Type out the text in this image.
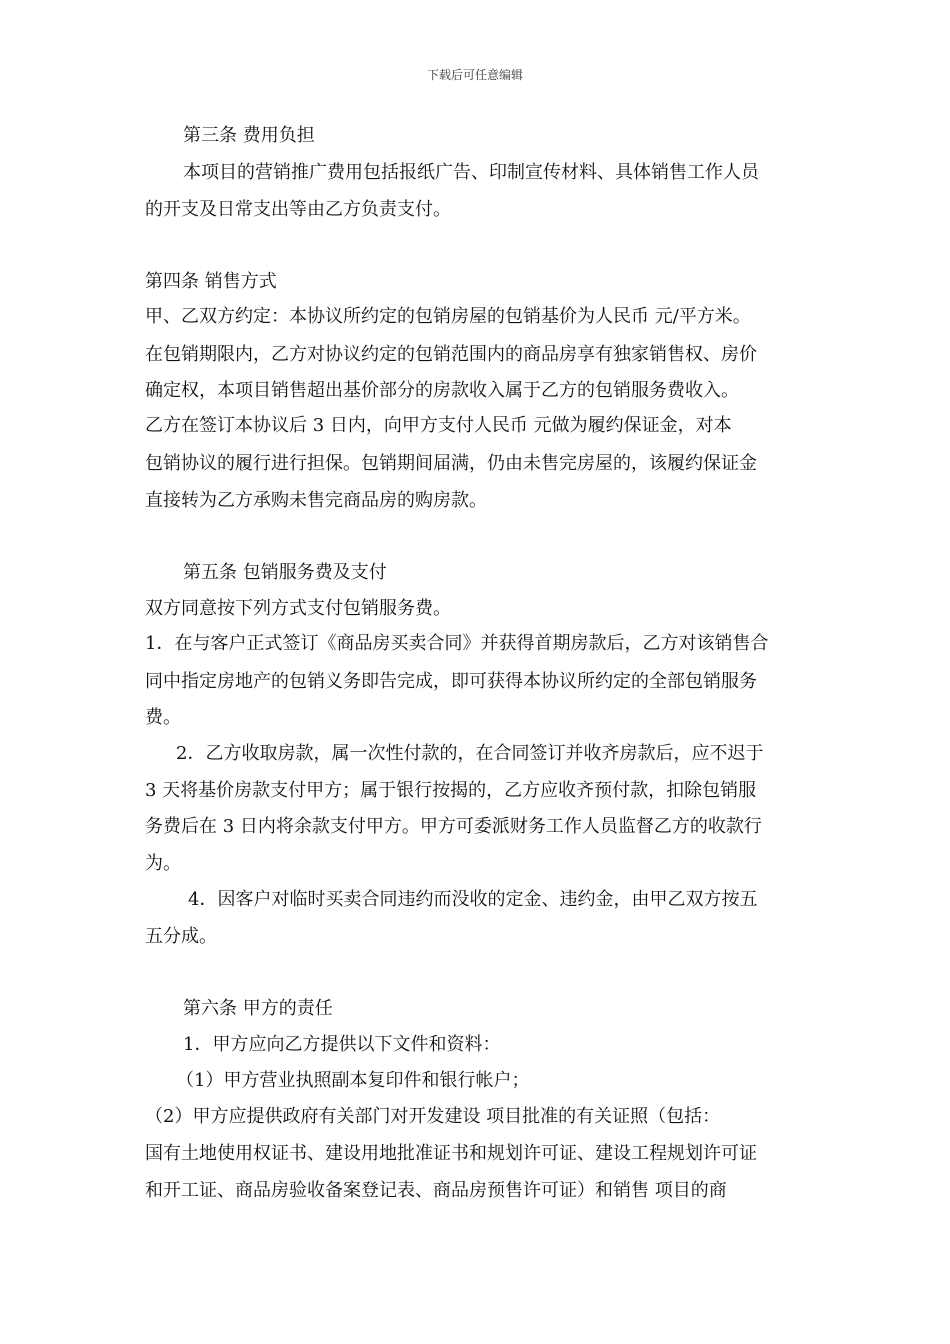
下载后可任意编辑
第三条 费用负担
本项目的营销推广费用包括报纸广告、印制宣传材料、具体销售工作人员
的开支及日常支出等由乙方负责支付。
第四条 销售方式
甲、乙双方约定：本协议所约定的包销房屋的包销基价为人民币 元/平方米。
在包销期限内，乙方对协议约定的包销范围内的商品房享有独家销售权、房价
确定权，本项目销售超出基价部分的房款收入属于乙方的包销服务费收入。
乙方在签订本协议后 3 日内，向甲方支付人民币 元做为履约保证金，对本
包销协议的履行进行担保。包销期间届满，仍由未售完房屋的，该履约保证金
直接转为乙方承购未售完商品房的购房款。
第五条 包销服务费及支付
双方同意按下列方式支付包销服务费。
1．在与客户正式签订《商品房买卖合同》并获得首期房款后，乙方对该销售合
同中指定房地产的包销义务即告完成，即可获得本协议所约定的全部包销服务
费。
2．乙方收取房款，属一次性付款的，在合同签订并收齐房款后，应不迟于
3 天将基价房款支付甲方；属于银行按揭的，乙方应收齐预付款，扣除包销服
务费后在 3 日内将余款支付甲方。甲方可委派财务工作人员监督乙方的收款行
为。
4．因客户对临时买卖合同违约而没收的定金、违约金，由甲乙双方按五
五分成。
第六条 甲方的责任
1．甲方应向乙方提供以下文件和资料：
（1）甲方营业执照副本复印件和银行帐户；
（2）甲方应提供政府有关部门对开发建设 项目批准的有关证照（包括：
国有土地使用权证书、建设用地批准证书和规划许可证、建设工程规划许可证
和开工证、商品房验收备案登记表、商品房预售许可证）和销售 项目的商
